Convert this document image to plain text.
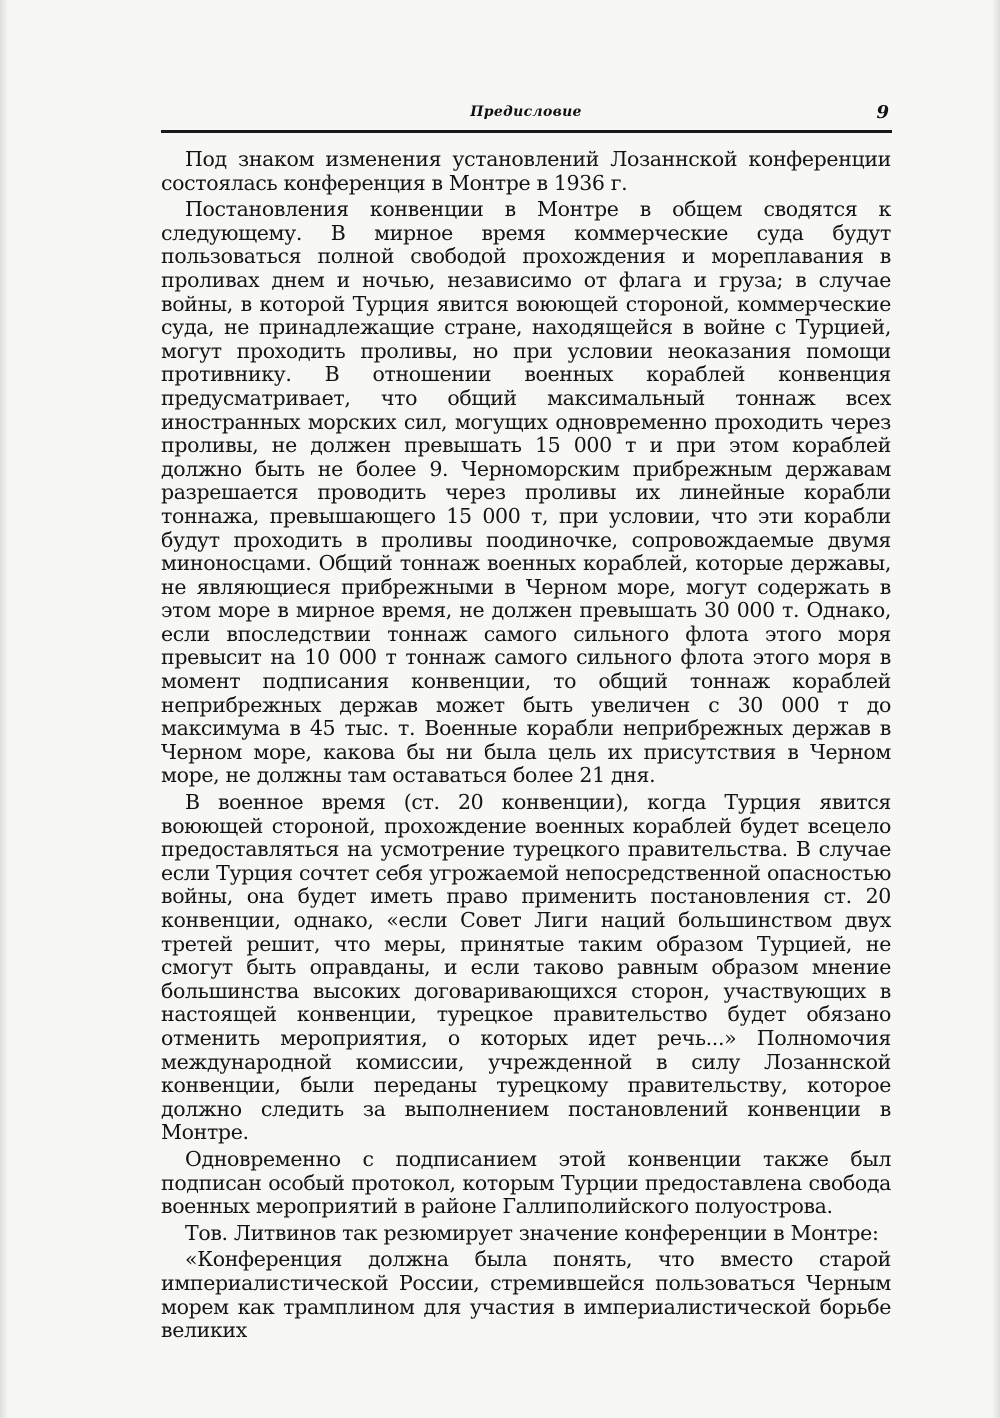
Предисловие	9

Под знаком изменения установлений Лозаннской конференции состоялась конференция в Монтре в 1936 г.

Постановления конвенции в Монтре в общем сводятся к следующему. В мирное время коммерческие суда будут пользоваться полной свободой прохождения и мореплавания в проливах днем и ночью, независимо от флага и груза; в случае войны, в которой Турция явится воюющей стороной, коммерческие суда, не принадлежащие стране, находящейся в войне с Турцией, могут проходить проливы, но при условии неоказания помощи противнику. В отношении военных кораблей конвенция предусматривает, что общий максимальный тоннаж всех иностранных морских сил, могущих одновременно проходить через проливы, не должен превышать 15 000 т и при этом кораблей должно быть не более 9. Черноморским прибрежным державам разрешается проводить через проливы их линейные корабли тоннажа, превышающего 15 000 т, при условии, что эти корабли будут проходить в проливы поодиночке, сопровождаемые двумя миноносцами. Общий тоннаж военных кораблей, которые державы, не являющиеся прибрежными в Черном море, могут содержать в этом море в мирное время, не должен превышать 30 000 т. Однако, если впоследствии тоннаж самого сильного флота этого моря превысит на 10 000 т тоннаж самого сильного флота этого моря в момент подписания конвенции, то общий тоннаж кораблей неприбрежных держав может быть увеличен с 30 000 т до максимума в 45 тыс. т. Военные корабли неприбрежных держав в Черном море, какова бы ни была цель их присутствия в Черном море, не должны там оставаться более 21 дня.

В военное время (ст. 20 конвенции), когда Турция явится воюющей стороной, прохождение военных кораблей будет всецело предоставляться на усмотрение турецкого правительства. В случае если Турция сочтет себя угрожаемой непосредственной опасностью войны, она будет иметь право применить постановления ст. 20 конвенции, однако, «если Совет Лиги наций большинством двух третей решит, что меры, принятые таким образом Турцией, не смогут быть оправданы, и если таково равным образом мнение большинства высоких договаривающихся сторон, участвующих в настоящей конвенции, турецкое правительство будет обязано отменить мероприятия, о которых идет речь...» Полномочия международной комиссии, учрежденной в силу Лозаннской конвенции, были переданы турецкому правительству, которое должно следить за выполнением постановлений конвенции в Монтре.

Одновременно с подписанием этой конвенции также был подписан особый протокол, которым Турции предоставлена свобода военных мероприятий в районе Галлиполийского полуострова.

Тов. Литвинов так резюмирует значение конференции в Монтре:

«Конференция должна была понять, что вместо старой империалистической России, стремившейся пользоваться Черным морем как трамплином для участия в империалистической борьбе великих
